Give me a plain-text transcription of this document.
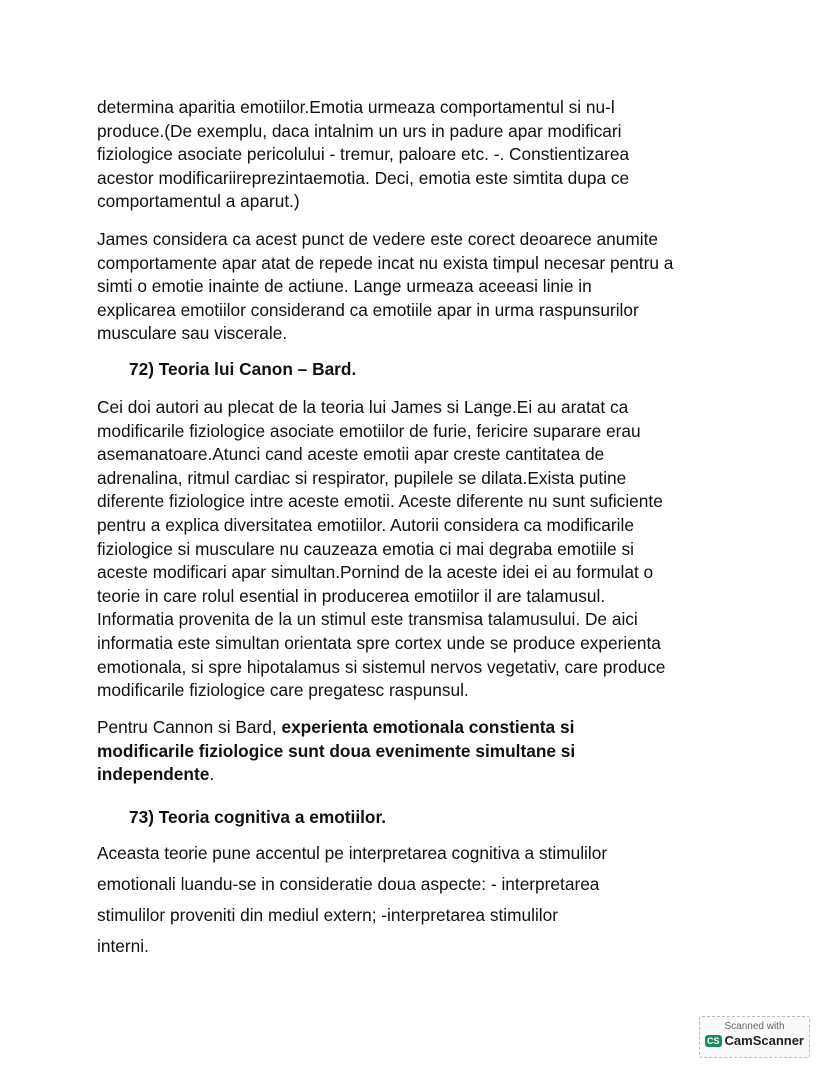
determina aparitia emotiilor.Emotia urmeaza comportamentul si nu-l
produce.(De exemplu, daca intalnim un urs in padure apar modificari
fiziologice asociate pericolului - tremur, paloare etc. -. Constientizarea
acestor modificariireprezintaemotia. Deci, emotia este simtita dupa ce
comportamentul a aparut.)
James considera ca acest punct de vedere este corect deoarece anumite
comportamente apar atat de repede incat nu exista timpul necesar pentru a
simti o emotie inainte de actiune. Lange urmeaza aceeasi linie in
explicarea emotiilor considerand ca emotiile apar in urma raspunsurilor
musculare sau viscerale.
72) Teoria lui Canon – Bard.
Cei doi autori au plecat de la teoria lui James si Lange.Ei au aratat ca
modificarile fiziologice asociate emotiilor de furie, fericire suparare erau
asemanatoare.Atunci cand aceste emotii apar creste cantitatea de
adrenalina, ritmul cardiac si respirator, pupilele se dilata.Exista putine
diferente fiziologice intre aceste emotii. Aceste diferente nu sunt suficiente
pentru a explica diversitatea emotiilor. Autorii considera ca modificarile
fiziologice si musculare nu cauzeaza emotia ci mai degraba emotiile si
aceste modificari apar simultan.Pornind de la aceste idei ei au formulat o
teorie in care rolul esential in producerea emotiilor il are talamusul.
Informatia provenita de la un stimul este transmisa talamusului. De aici
informatia este simultan orientata spre cortex unde se produce experienta
emotionala, si spre hipotalamus si sistemul nervos vegetativ, care produce
modificarile fiziologice care pregatesc raspunsul.
Pentru Cannon si Bard, experienta emotionala constienta si
modificarile fiziologice sunt doua evenimente simultane si
independente.
73) Teoria cognitiva a emotiilor.
Aceasta teorie pune accentul pe interpretarea cognitiva a stimulilor
emotionali luandu-se in consideratie doua aspecte: - interpretarea
stimulilor proveniti din mediul extern; -interpretarea stimulilor
interni.
Scanned with
CS CamScanner
